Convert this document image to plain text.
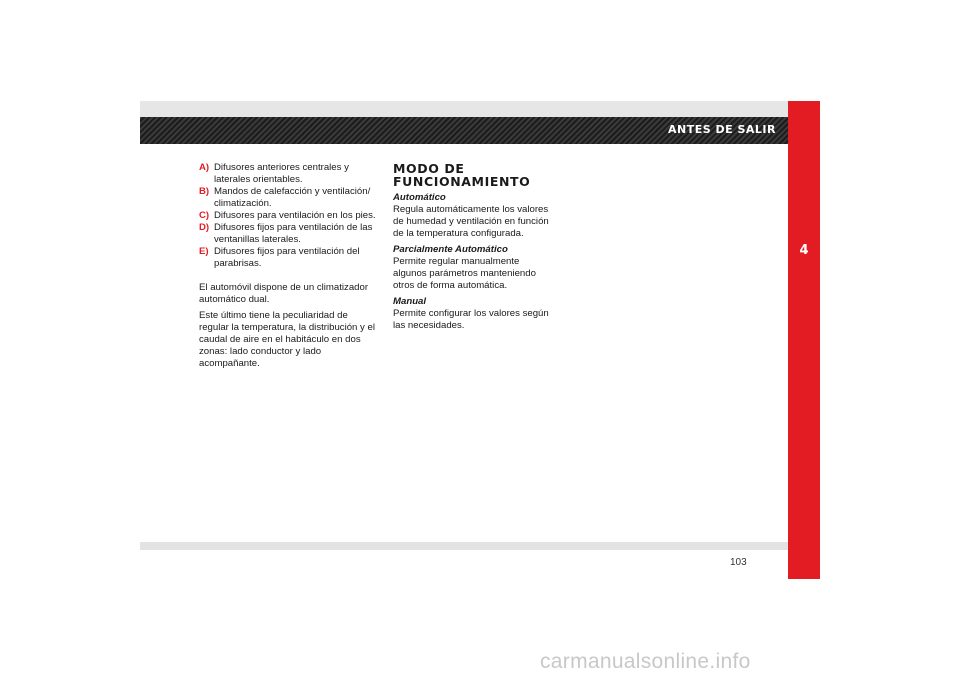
ANTES DE SALIR
4
A) Difusores anteriores centrales y laterales orientables.
B) Mandos de calefacción y ventilación/ climatización.
C) Difusores para ventilación en los pies.
D) Difusores fijos para ventilación de las ventanillas laterales.
E) Difusores fijos para ventilación del parabrisas.

El automóvil dispone de un climatizador automático dual.

Este último tiene la peculiaridad de regular la temperatura, la distribución y el caudal de aire en el habitáculo en dos zonas: lado conductor y lado acompañante.

MODO DE FUNCIONAMIENTO

Automático

Regula automáticamente los valores de humedad y ventilación en función de la temperatura configurada.

Parcialmente Automático

Permite regular manualmente algunos parámetros manteniendo otros de forma automática.

Manual

Permite configurar los valores según las necesidades.

103
carmanualsonline.info
